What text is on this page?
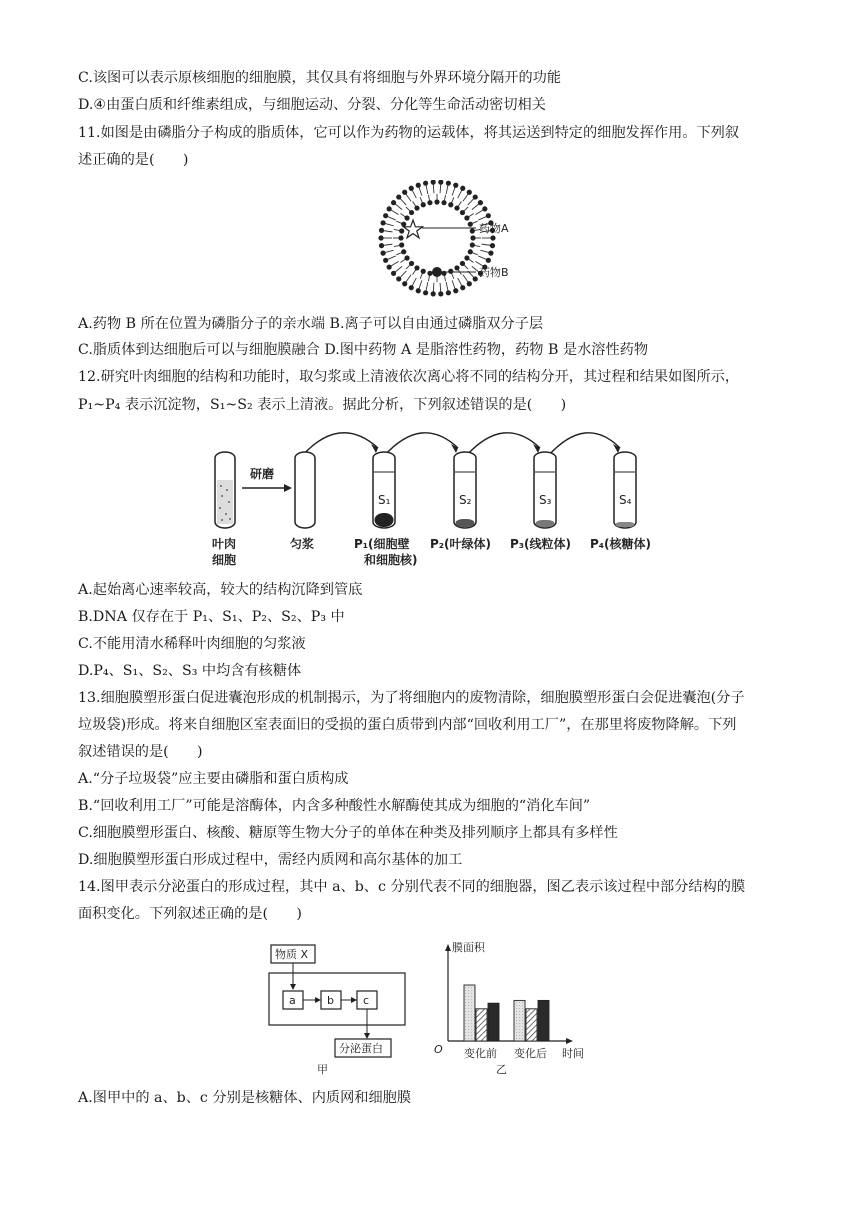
C.该图可以表示原核细胞的细胞膜，其仅具有将细胞与外界环境分隔开的功能
D.④由蛋白质和纤维素组成，与细胞运动、分裂、分化等生命活动密切相关
11.如图是由磷脂分子构成的脂质体，它可以作为药物的运载体，将其运送到特定的细胞发挥作用。下列叙
述正确的是(　　)
药物A
药物B
A.药物 B 所在位置为磷脂分子的亲水端 B.离子可以自由通过磷脂双分子层
C.脂质体到达细胞后可以与细胞膜融合 D.图中药物 A 是脂溶性药物，药物 B 是水溶性药物
12.研究叶肉细胞的结构和功能时，取匀浆或上清液依次离心将不同的结构分开，其过程和结果如图所示，
P₁~P₄ 表示沉淀物，S₁~S₂ 表示上清液。据此分析，下列叙述错误的是(　　)
研磨
S₁	S₂	S₃	S₄
叶肉
细胞
匀浆	P₁(细胞壁
和细胞核)
P₂(叶绿体) P₃(线粒体) P₄(核糖体)
A.起始离心速率较高，较大的结构沉降到管底
B.DNA 仅存在于 P₁、S₁、P₂、S₂、P₃ 中
C.不能用清水稀释叶肉细胞的匀浆液
D.P₄、S₁、S₂、S₃ 中均含有核糖体
13.细胞膜塑形蛋白促进囊泡形成的机制揭示，为了将细胞内的废物清除，细胞膜塑形蛋白会促进囊泡(分子
垃圾袋)形成。将来自细胞区室表面旧的受损的蛋白质带到内部“回收利用工厂”，在那里将废物降解。下列
叙述错误的是(　　)
A.“分子垃圾袋”应主要由磷脂和蛋白质构成
B.“回收利用工厂”可能是溶酶体，内含多种酸性水解酶使其成为细胞的“消化车间”
C.细胞膜塑形蛋白、核酸、糖原等生物大分子的单体在种类及排列顺序上都具有多样性
D.细胞膜塑形蛋白形成过程中，需经内质网和高尔基体的加工
14.图甲表示分泌蛋白的形成过程，其中 a、b、c 分别代表不同的细胞器，图乙表示该过程中部分结构的膜
面积变化。下列叙述正确的是(　　)
物质 X
a	b	c
分泌蛋白
甲
膜面积
O 变化前 变化后 时间
乙
A.图甲中的 a、b、c 分别是核糖体、内质网和细胞膜
